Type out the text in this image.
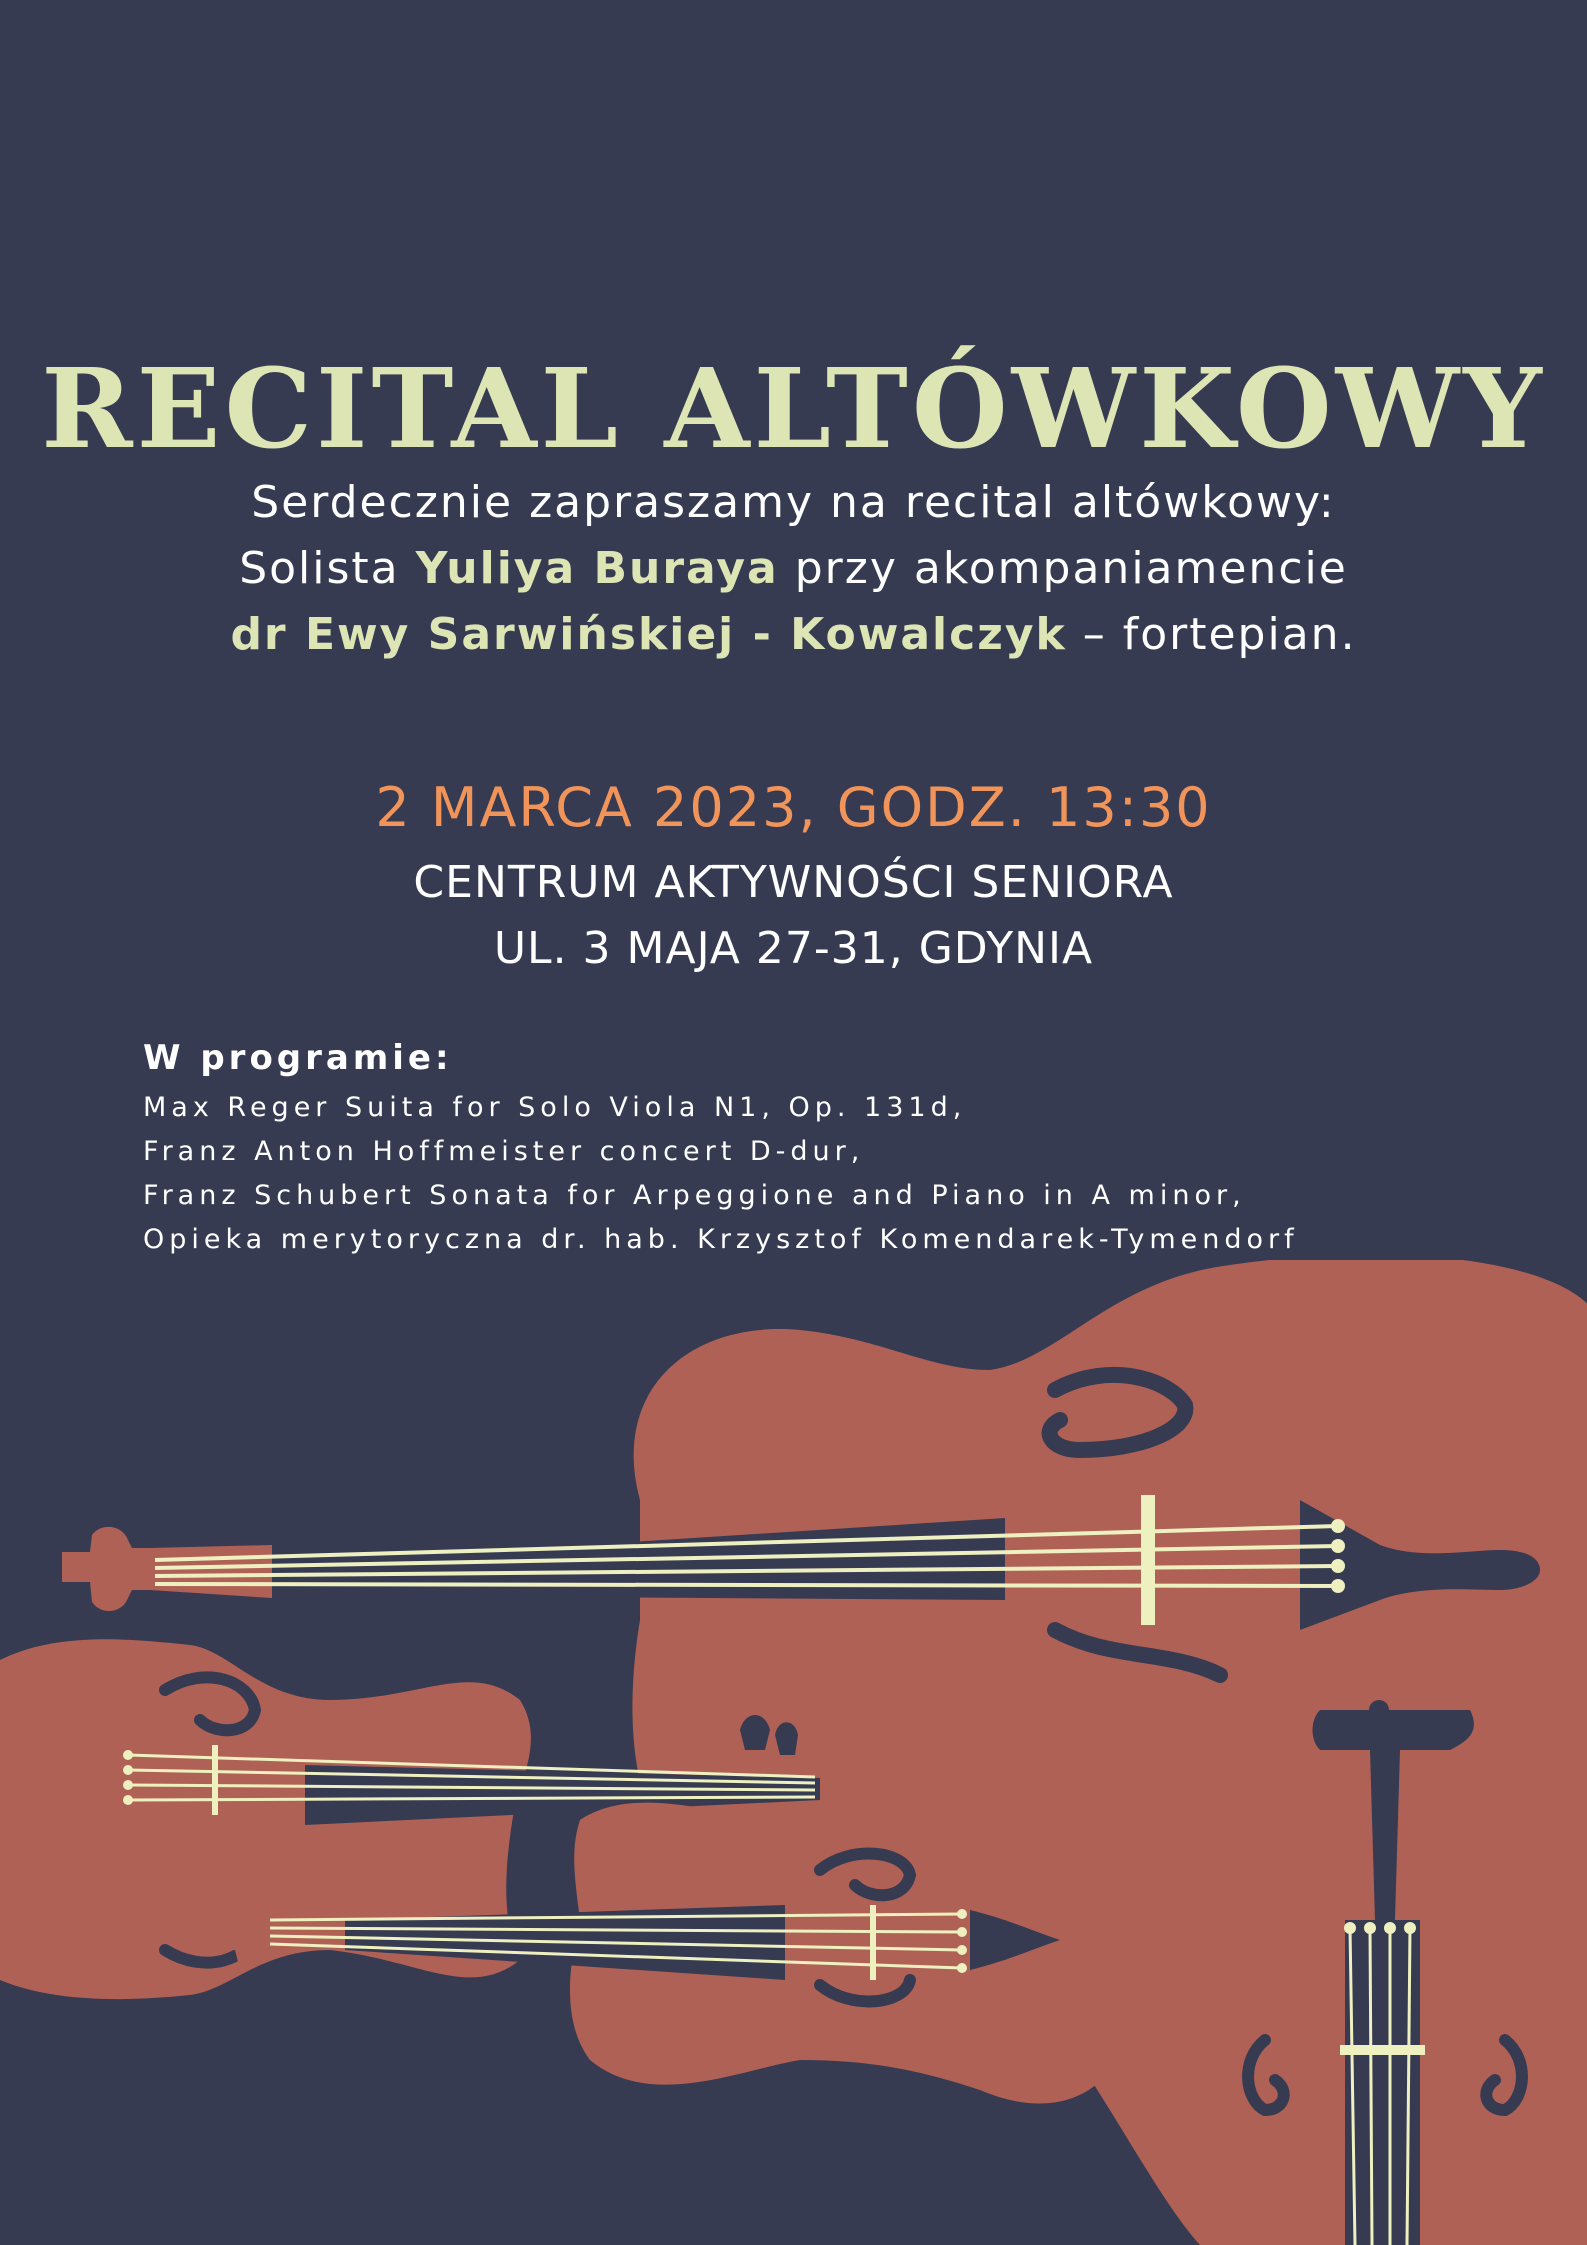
RECITAL ALTÓWKOWY
Serdecznie zapraszamy na recital altówkowy:
Solista Yuliya Buraya przy akompaniamencie
dr Ewy Sarwińskiej - Kowalczyk – fortepian.
2 MARCA 2023, GODZ. 13:30
CENTRUM AKTYWNOŚCI SENIORA
UL. 3 MAJA 27-31, GDYNIA
W programie:
Max Reger Suita for Solo Viola N1, Op. 131d,
Franz Anton Hoffmeister concert D-dur,
Franz Schubert Sonata for Arpeggione and Piano in A minor,
Opieka merytoryczna dr. hab. Krzysztof Komendarek-Tymendorf
